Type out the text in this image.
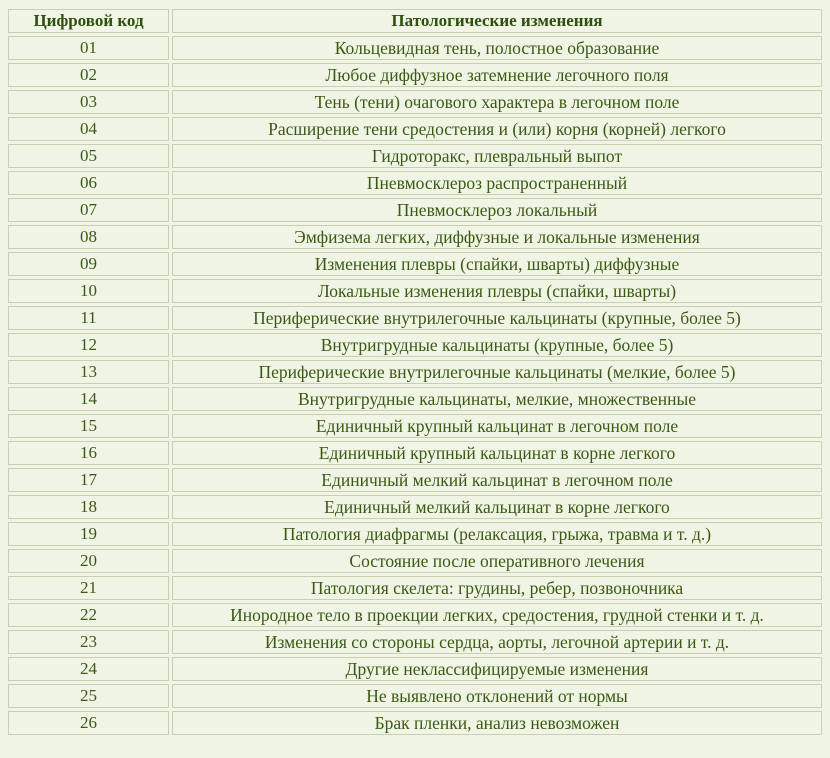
Цифровой код	Патологические изменения
01	Кольцевидная тень, полостное образование
02	Любое диффузное затемнение легочного поля
03	Тень (тени) очагового характера в легочном поле
04	Расширение тени средостения и (или) корня (корней) легкого
05	Гидроторакс, плевральный выпот
06	Пневмосклероз распространенный
07	Пневмосклероз локальный
08	Эмфизема легких, диффузные и локальные изменения
09	Изменения плевры (спайки, шварты) диффузные
10	Локальные изменения плевры (спайки, шварты)
11	Периферические внутрилегочные кальцинаты (крупные, более 5)
12	Внутригрудные кальцинаты (крупные, более 5)
13	Периферические внутрилегочные кальцинаты (мелкие, более 5)
14	Внутригрудные кальцинаты, мелкие, множественные
15	Единичный крупный кальцинат в легочном поле
16	Единичный крупный кальцинат в корне легкого
17	Единичный мелкий кальцинат в легочном поле
18	Единичный мелкий кальцинат в корне легкого
19	Патология диафрагмы (релаксация, грыжа, травма и т. д.)
20	Состояние после оперативного лечения
21	Патология скелета: грудины, ребер, позвоночника
22	Инородное тело в проекции легких, средостения, грудной стенки и т. д.
23	Изменения со стороны сердца, аорты, легочной артерии и т. д.
24	Другие неклассифицируемые изменения
25	Не выявлено отклонений от нормы
26	Брак пленки, анализ невозможен
